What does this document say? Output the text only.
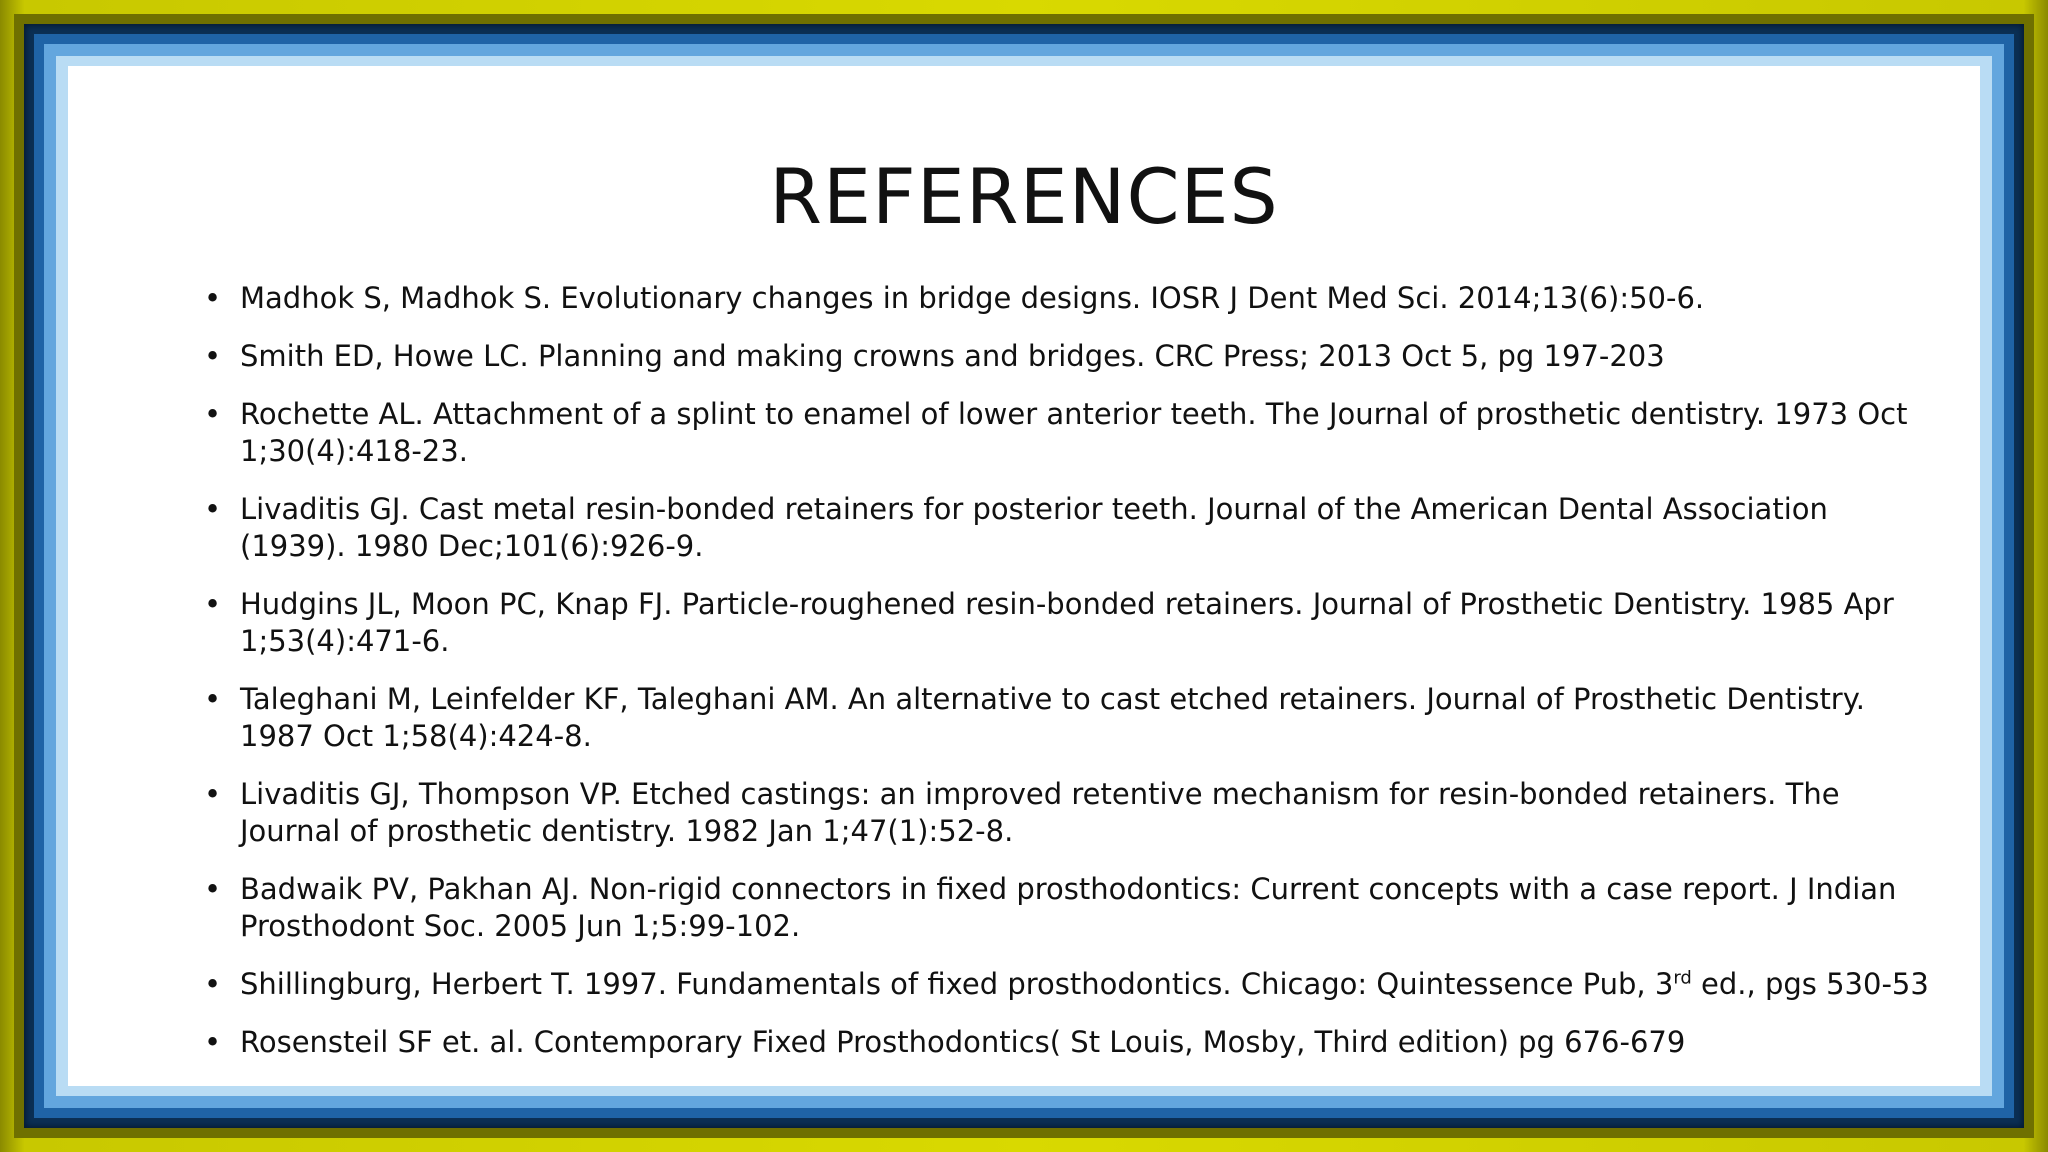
REFERENCES
• Madhok S, Madhok S. Evolutionary changes in bridge designs. IOSR J Dent Med Sci. 2014;13(6):50-6.
• Smith ED, Howe LC. Planning and making crowns and bridges. CRC Press; 2013 Oct 5, pg 197-203
• Rochette AL. Attachment of a splint to enamel of lower anterior teeth. The Journal of prosthetic dentistry. 1973 Oct 1;30(4):418-23.
• Livaditis GJ. Cast metal resin-bonded retainers for posterior teeth. Journal of the American Dental Association (1939). 1980 Dec;101(6):926-9.
• Hudgins JL, Moon PC, Knap FJ. Particle-roughened resin-bonded retainers. Journal of Prosthetic Dentistry. 1985 Apr 1;53(4):471-6.
• Taleghani M, Leinfelder KF, Taleghani AM. An alternative to cast etched retainers. Journal of Prosthetic Dentistry. 1987 Oct 1;58(4):424-8.
• Livaditis GJ, Thompson VP. Etched castings: an improved retentive mechanism for resin-bonded retainers. The Journal of prosthetic dentistry. 1982 Jan 1;47(1):52-8.
• Badwaik PV, Pakhan AJ. Non-rigid connectors in fixed prosthodontics: Current concepts with a case report. J Indian Prosthodont Soc. 2005 Jun 1;5:99-102.
• Shillingburg, Herbert T. 1997. Fundamentals of fixed prosthodontics. Chicago: Quintessence Pub, 3rd ed., pgs 530-53
• Rosensteil SF et. al. Contemporary Fixed Prosthodontics( St Louis, Mosby, Third edition) pg 676-679
